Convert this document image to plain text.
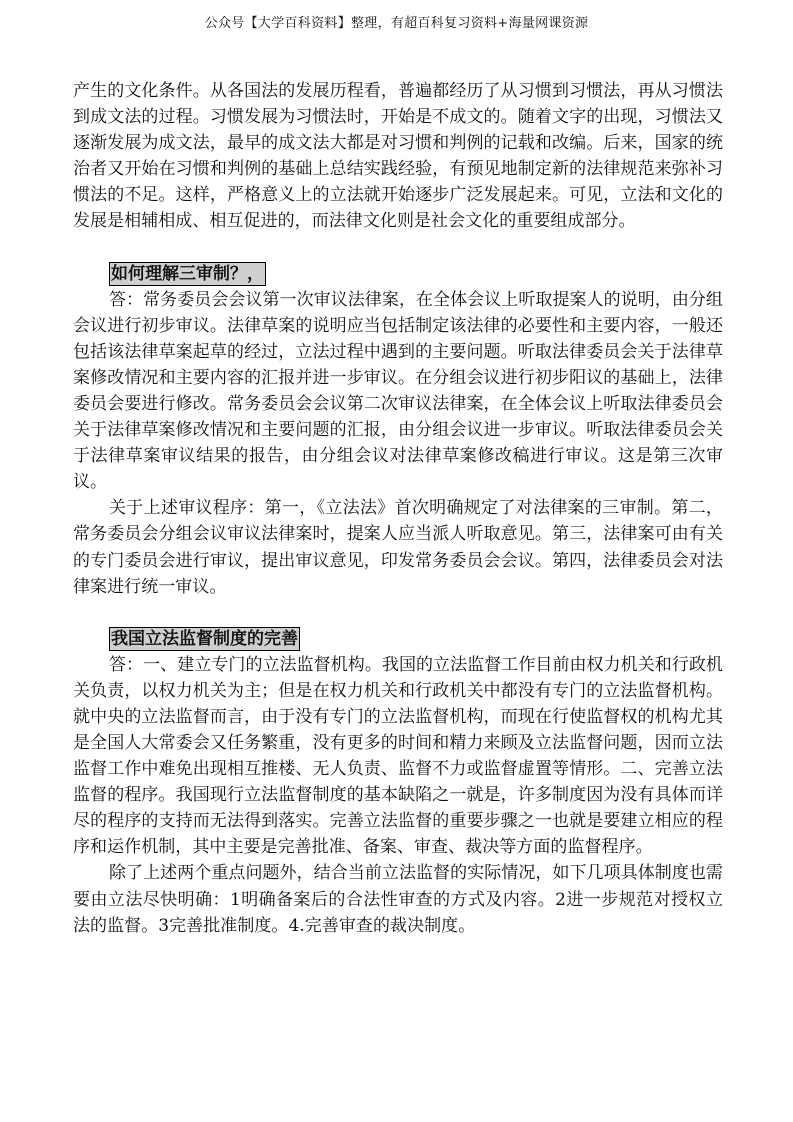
公众号【大学百科资料】整理，有超百科复习资料+海量网课资源

产生的文化条件。从各国法的发展历程看，普遍都经历了从习惯到习惯法，再从习惯法到成文法的过程。习惯发展为习惯法时，开始是不成文的。随着文字的出现，习惯法又逐渐发展为成文法，最早的成文法大都是对习惯和判例的记载和改编。后来，国家的统治者又开始在习惯和判例的基础上总结实践经验，有预见地制定新的法律规范来弥补习惯法的不足。这样，严格意义上的立法就开始逐步广泛发展起来。可见，立法和文化的发展是相辅相成、相互促进的，而法律文化则是社会文化的重要组成部分。

如何理解三审制？，

答：常务委员会会议第一次审议法律案，在全体会议上听取提案人的说明，由分组会议进行初步审议。法律草案的说明应当包括制定该法律的必要性和主要内容，一般还包括该法律草案起草的经过，立法过程中遇到的主要问题。听取法律委员会关于法律草案修改情况和主要内容的汇报并进一步审议。在分组会议进行初步阳议的基础上，法律委员会要进行修改。常务委员会会议第二次审议法律案，在全体会议上听取法律委员会关于法律草案修改情况和主要问题的汇报，由分组会议进一步审议。听取法律委员会关于法律草案审议结果的报告，由分组会议对法律草案修改稿进行审议。这是第三次审议。

关于上述审议程序：第一，《立法法》首次明确规定了对法律案的三审制。第二，常务委员会分组会议审议法律案时，提案人应当派人听取意见。第三，法律案可由有关的专门委员会进行审议，提出审议意见，印发常务委员会会议。第四，法律委员会对法律案进行统一审议。

我国立法监督制度的完善

答：一、建立专门的立法监督机构。我国的立法监督工作目前由权力机关和行政机关负责，以权力机关为主；但是在权力机关和行政机关中都没有专门的立法监督机构。就中央的立法监督而言，由于没有专门的立法监督机构，而现在行使监督权的机构尤其是全国人大常委会又任务繁重，没有更多的时间和精力来顾及立法监督问题，因而立法监督工作中难免出现相互推楼、无人负责、监督不力或监督虚置等情形。二、完善立法监督的程序。我国现行立法监督制度的基本缺陷之一就是，许多制度因为没有具体而详尽的程序的支持而无法得到落实。完善立法监督的重要步骤之一也就是要建立相应的程序和运作机制，其中主要是完善批准、备案、审查、裁决等方面的监督程序。

除了上述两个重点问题外，结合当前立法监督的实际情况，如下几项具体制度也需要由立法尽快明确：1明确备案后的合法性审查的方式及内容。2进一步规范对授权立法的监督。3完善批准制度。4.完善审查的裁决制度。
